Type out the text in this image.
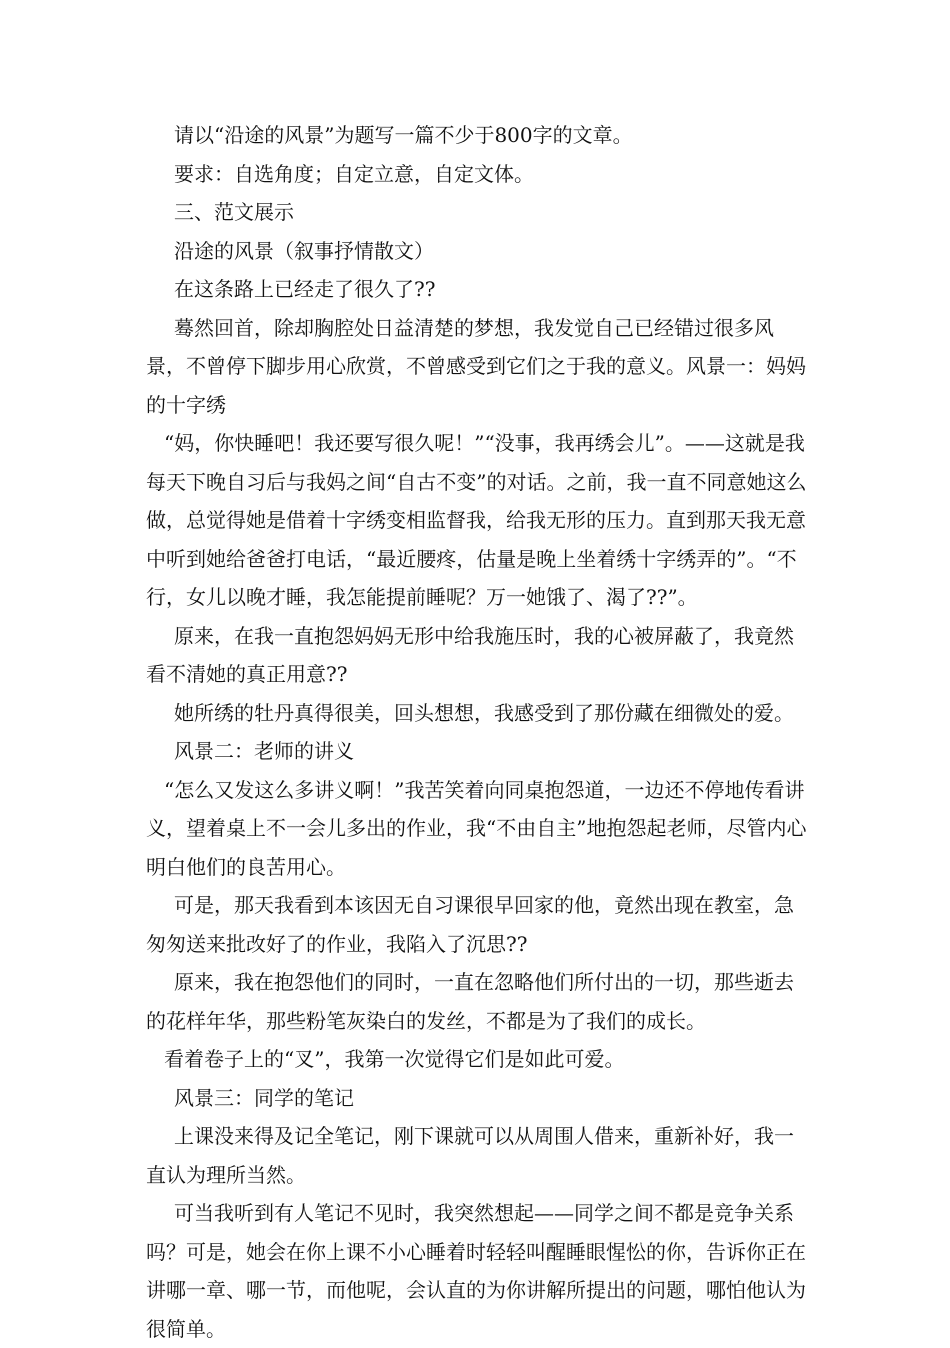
请以“沿途的风景”为题写一篇不少于800字的文章。

要求：自选角度；自定立意，自定文体。

三、范文展示

沿途的风景（叙事抒情散文）

在这条路上已经走了很久了??

蓦然回首，除却胸腔处日益清楚的梦想，我发觉自己已经错过很多风景，不曾停下脚步用心欣赏，不曾感受到它们之于我的意义。风景一：妈妈的十字绣

“妈，你快睡吧！我还要写很久呢！”“没事，我再绣会儿”。——这就是我每天下晚自习后与我妈之间“自古不变”的对话。之前，我一直不同意她这么做，总觉得她是借着十字绣变相监督我，给我无形的压力。直到那天我无意中听到她给爸爸打电话，“最近腰疼，估量是晚上坐着绣十字绣弄的”。“不行，女儿以晚才睡，我怎能提前睡呢？万一她饿了、渴了??”。

原来，在我一直抱怨妈妈无形中给我施压时，我的心被屏蔽了，我竟然看不清她的真正用意??

她所绣的牡丹真得很美，回头想想，我感受到了那份藏在细微处的爱。

风景二：老师的讲义

“怎么又发这么多讲义啊！”我苦笑着向同桌抱怨道，一边还不停地传看讲义，望着桌上不一会儿多出的作业，我“不由自主”地抱怨起老师，尽管内心明白他们的良苦用心。

可是，那天我看到本该因无自习课很早回家的他，竟然出现在教室，急匆匆送来批改好了的作业，我陷入了沉思??

原来，我在抱怨他们的同时，一直在忽略他们所付出的一切，那些逝去的花样年华，那些粉笔灰染白的发丝，不都是为了我们的成长。

看着卷子上的“叉”，我第一次觉得它们是如此可爱。

风景三：同学的笔记

上课没来得及记全笔记，刚下课就可以从周围人借来，重新补好，我一直认为理所当然。

可当我听到有人笔记不见时，我突然想起——同学之间不都是竞争关系吗？可是，她会在你上课不小心睡着时轻轻叫醒睡眼惺忪的你，告诉你正在讲哪一章、哪一节，而他呢，会认直的为你讲解所提出的问题，哪怕他认为很简单。
